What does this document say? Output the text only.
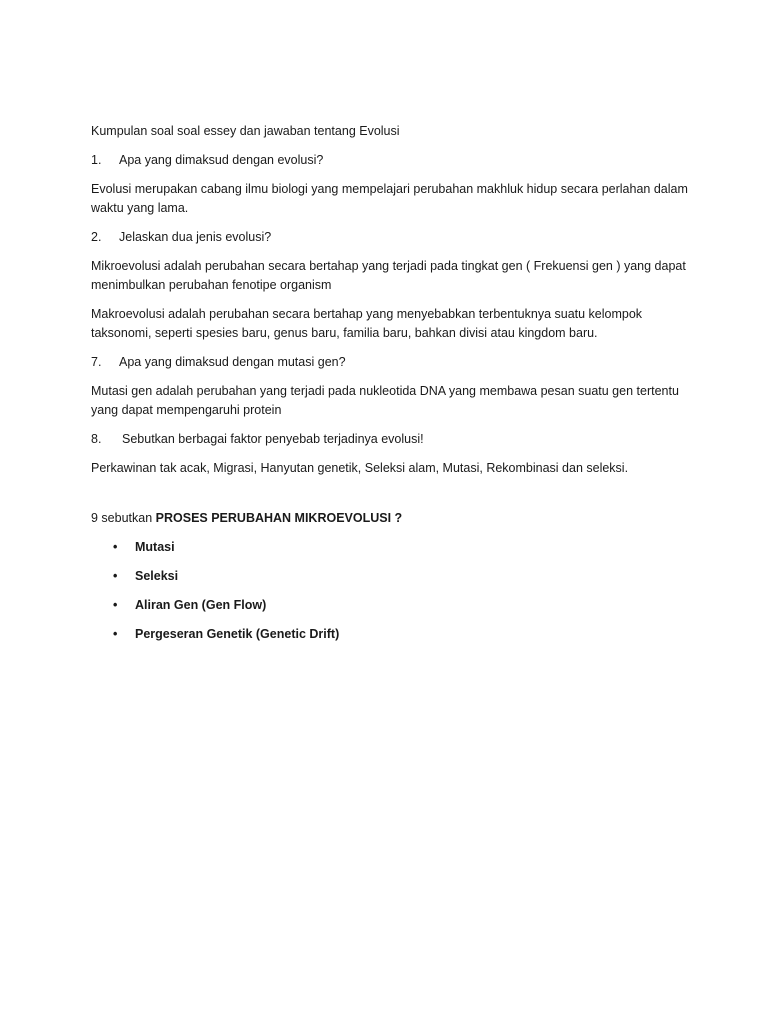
Kumpulan soal soal essey dan jawaban tentang Evolusi
1.	Apa yang dimaksud dengan evolusi?
Evolusi merupakan cabang ilmu biologi yang mempelajari perubahan makhluk hidup secara perlahan dalam waktu yang lama.
2.	Jelaskan dua jenis evolusi?
Mikroevolusi adalah perubahan secara bertahap yang terjadi pada tingkat gen ( Frekuensi gen ) yang dapat menimbulkan perubahan fenotipe organism
Makroevolusi adalah perubahan secara bertahap yang menyebabkan terbentuknya suatu kelompok taksonomi, seperti spesies baru, genus baru, familia baru, bahkan divisi atau kingdom baru.
7.	Apa yang dimaksud dengan mutasi gen?
Mutasi gen adalah perubahan yang terjadi pada nukleotida DNA yang membawa pesan suatu gen tertentu yang dapat mempengaruhi protein
8.	Sebutkan berbagai faktor penyebab terjadinya evolusi!
Perkawinan tak acak, Migrasi, Hanyutan genetik, Seleksi alam, Mutasi, Rekombinasi dan seleksi.
9 sebutkan PROSES PERUBAHAN MIKROEVOLUSI ?
•	Mutasi
•	Seleksi
•	Aliran Gen (Gen Flow)
•	Pergeseran Genetik (Genetic Drift)
